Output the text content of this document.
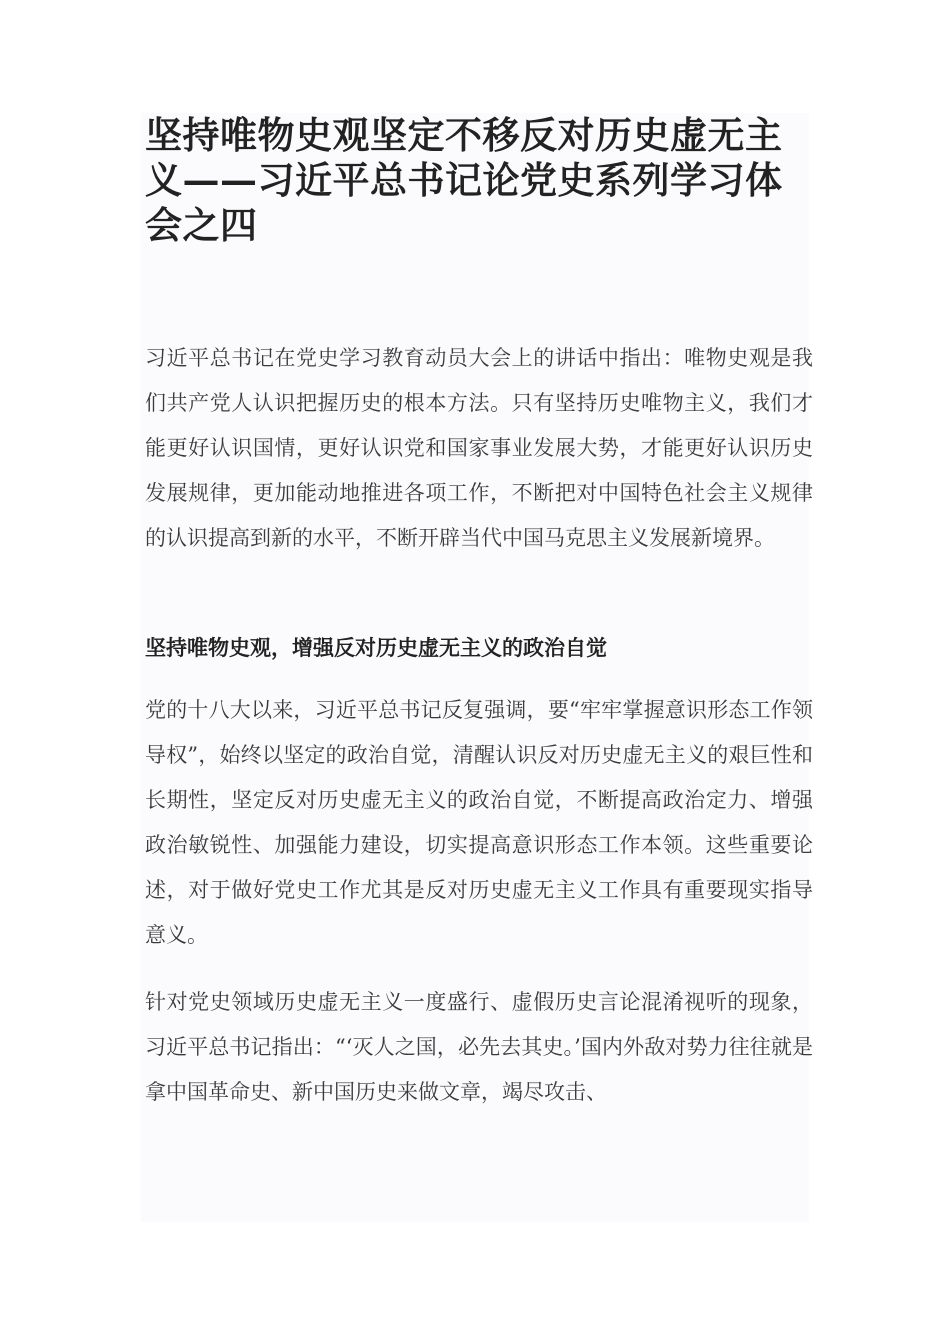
坚持唯物史观坚定不移反对历史虚无主义——习近平总书记论党史系列学习体会之四

习近平总书记在党史学习教育动员大会上的讲话中指出：唯物史观是我们共产党人认识把握历史的根本方法。只有坚持历史唯物主义，我们才能更好认识国情，更好认识党和国家事业发展大势，才能更好认识历史发展规律，更加能动地推进各项工作，不断把对中国特色社会主义规律的认识提高到新的水平，不断开辟当代中国马克思主义发展新境界。

坚持唯物史观，增强反对历史虚无主义的政治自觉

党的十八大以来，习近平总书记反复强调，要“牢牢掌握意识形态工作领导权”，始终以坚定的政治自觉，清醒认识反对历史虚无主义的艰巨性和长期性，坚定反对历史虚无主义的政治自觉，不断提高政治定力、增强政治敏锐性、加强能力建设，切实提高意识形态工作本领。这些重要论述，对于做好党史工作尤其是反对历史虚无主义工作具有重要现实指导意义。

针对党史领域历史虚无主义一度盛行、虚假历史言论混淆视听的现象，习近平总书记指出：“‘灭人之国，必先去其史。’国内外敌对势力往往就是拿中国革命史、新中国历史来做文章，竭尽攻击、
